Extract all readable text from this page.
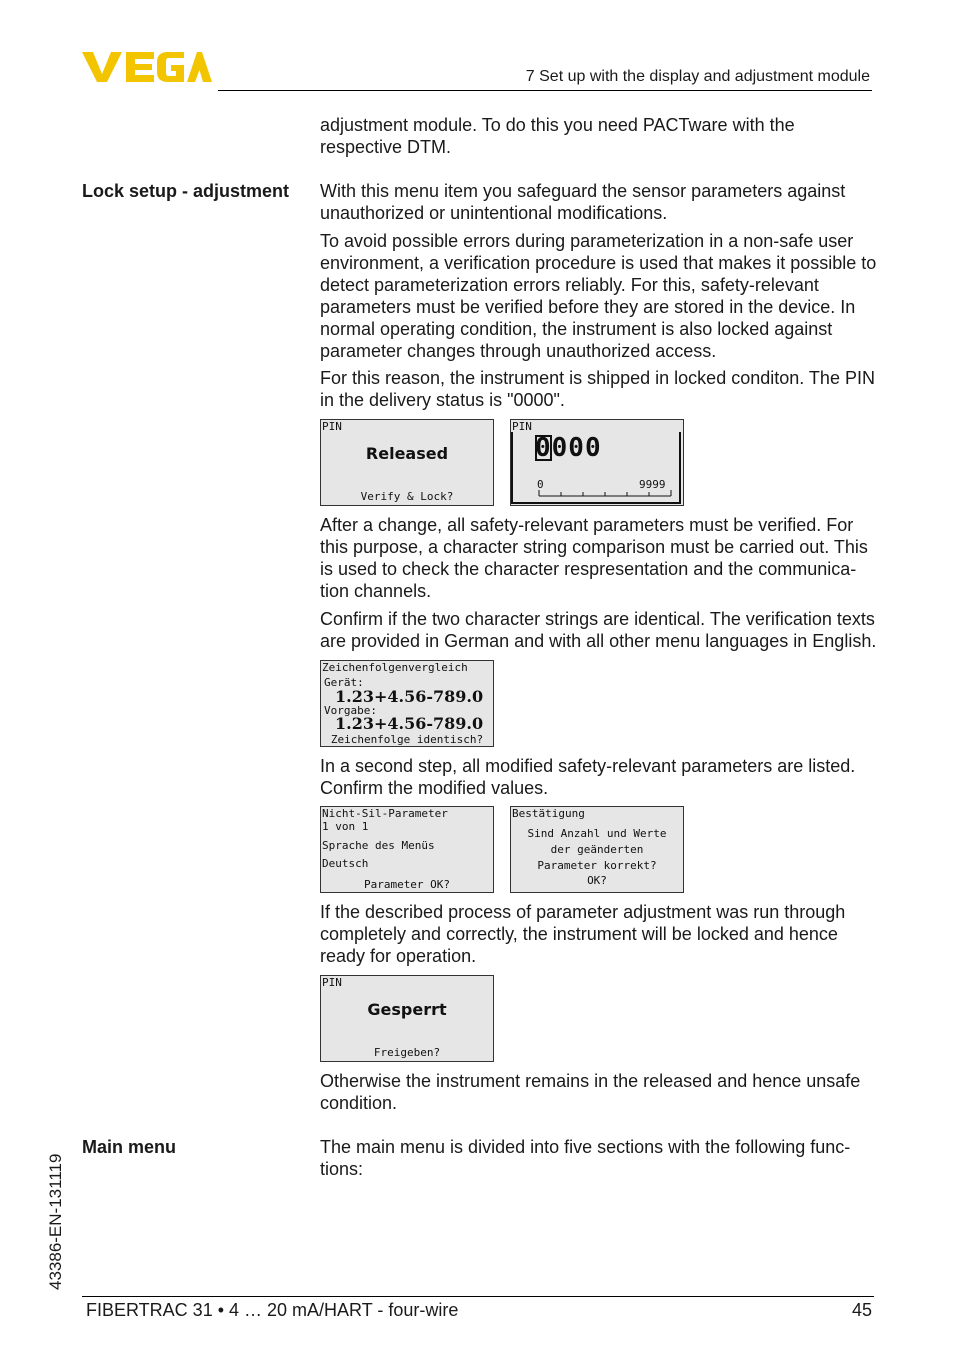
7 Set up with the display and adjustment module

adjustment module. To do this you need PACTware with the respective DTM.

Lock setup - adjustment With this menu item you safeguard the sensor parameters against unauthorized or unintentional modifications.

To avoid possible errors during parameterization in a non-safe user environment, a verification procedure is used that makes it possible to detect parameterization errors reliably. For this, safety-relevant parameters must be verified before they are stored in the device. In normal operating condition, the instrument is also locked against parameter changes through unauthorized access.

For this reason, the instrument is shipped in locked conditon. The PIN in the delivery status is "0000".

PIN
Released
Verify & Lock?
PIN
0000
0	9999

After a change, all safety-relevant parameters must be verified. For this purpose, a character string comparison must be carried out. This is used to check the character respresentation and the communica-tion channels.

Confirm if the two character strings are identical. The verification texts are provided in German and with all other menu languages in English.

Zeichenfolgenvergleich
Gerät:
1.23+4.56-789.0
Vorgabe:
1.23+4.56-789.0
Zeichenfolge identisch?

In a second step, all modified safety-relevant parameters are listed. Confirm the modified values.

Nicht-Sil-Parameter
1 von 1
Sprache des Menüs
Deutsch
Parameter OK?
Bestätigung
Sind Anzahl und Werte
der geänderten
Parameter korrekt?
OK?

If the described process of parameter adjustment was run through completely and correctly, the instrument will be locked and hence ready for operation.

PIN
Gesperrt
Freigeben?

Otherwise the instrument remains in the released and hence unsafe condition.

Main menu	The main menu is divided into five sections with the following func-tions:

43386-EN-131119
FIBERTRAC 31 • 4 … 20 mA/HART - four-wire	45
